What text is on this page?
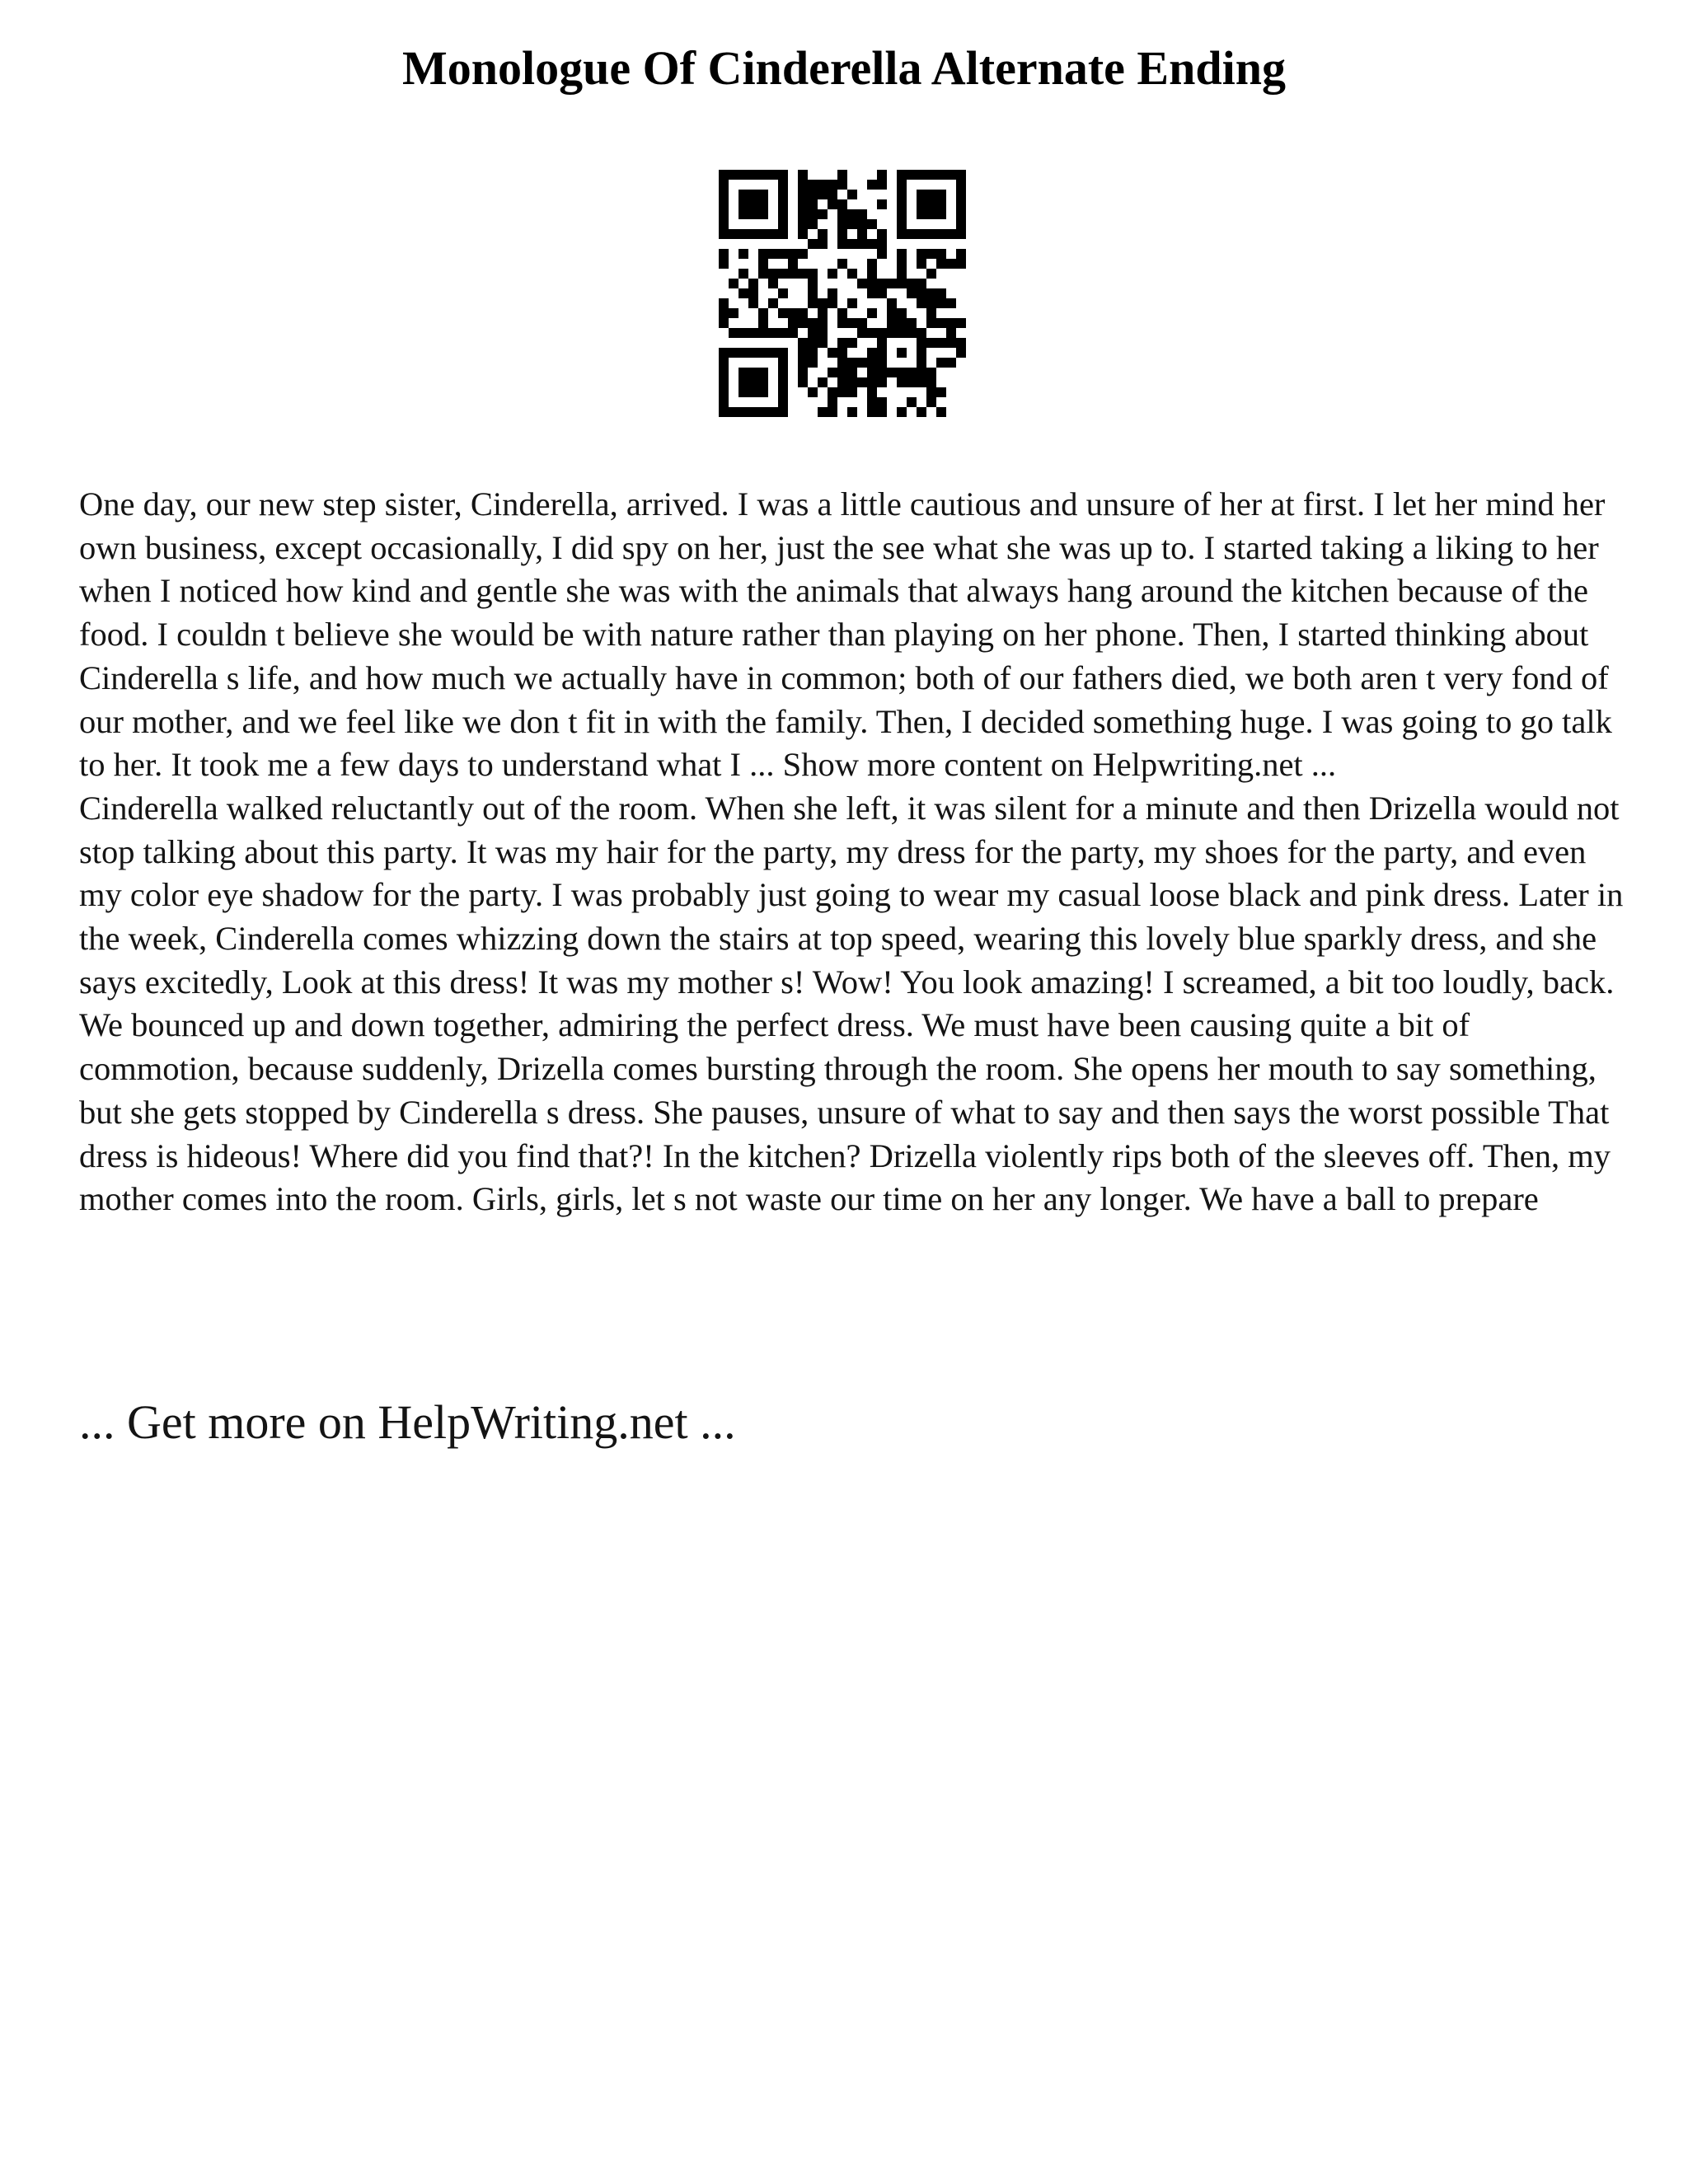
Monologue Of Cinderella Alternate Ending

One day, our new step sister, Cinderella, arrived. I was a little cautious and unsure of her at first. I let her mind her own business, except occasionally, I did spy on her, just the see what she was up to. I started taking a liking to her when I noticed how kind and gentle she was with the animals that always hang around the kitchen because of the food. I couldn t believe she would be with nature rather than playing on her phone. Then, I started thinking about Cinderella s life, and how much we actually have in common; both of our fathers died, we both aren t very fond of our mother, and we feel like we don t fit in with the family. Then, I decided something huge. I was going to go talk to her. It took me a few days to understand what I ... Show more content on Helpwriting.net ...

Cinderella walked reluctantly out of the room. When she left, it was silent for a minute and then Drizella would not stop talking about this party. It was my hair for the party, my dress for the party, my shoes for the party, and even my color eye shadow for the party. I was probably just going to wear my casual loose black and pink dress. Later in the week, Cinderella comes whizzing down the stairs at top speed, wearing this lovely blue sparkly dress, and she says excitedly, Look at this dress! It was my mother s! Wow! You look amazing! I screamed, a bit too loudly, back. We bounced up and down together, admiring the perfect dress. We must have been causing quite a bit of commotion, because suddenly, Drizella comes bursting through the room. She opens her mouth to say something, but she gets stopped by Cinderella s dress. She pauses, unsure of what to say and then says the worst possible That dress is hideous! Where did you find that?! In the kitchen? Drizella violently rips both of the sleeves off. Then, my mother comes into the room. Girls, girls, let s not waste our time on her any longer. We have a ball to prepare

... Get more on HelpWriting.net ...
